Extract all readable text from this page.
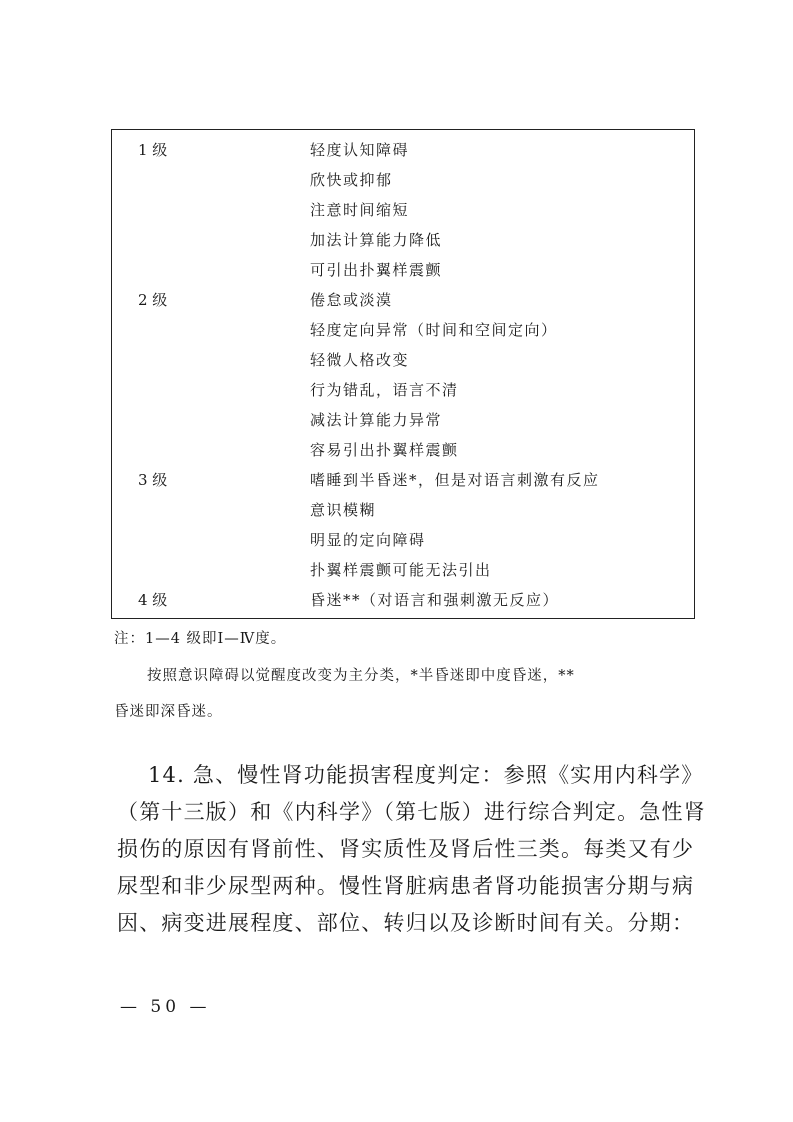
1 级	轻度认知障碍
欣快或抑郁
注意时间缩短
加法计算能力降低
可引出扑翼样震颤
2 级	倦怠或淡漠
轻度定向异常（时间和空间定向）
轻微人格改变
行为错乱，语言不清
减法计算能力异常
容易引出扑翼样震颤
3 级	嗜睡到半昏迷*，但是对语言刺激有反应
意识模糊
明显的定向障碍
扑翼样震颤可能无法引出
4 级	昏迷**（对语言和强刺激无反应）
注：1—4 级即Ⅰ—Ⅳ度。
按照意识障碍以觉醒度改变为主分类，*半昏迷即中度昏迷，**
昏迷即深昏迷。
14. 急、慢性肾功能损害程度判定：参照《实用内科学》
（第十三版）和《内科学》（第七版）进行综合判定。急性肾
损伤的原因有肾前性、肾实质性及肾后性三类。每类又有少
尿型和非少尿型两种。慢性肾脏病患者肾功能损害分期与病
因、病变进展程度、部位、转归以及诊断时间有关。分期：
— 50 —
